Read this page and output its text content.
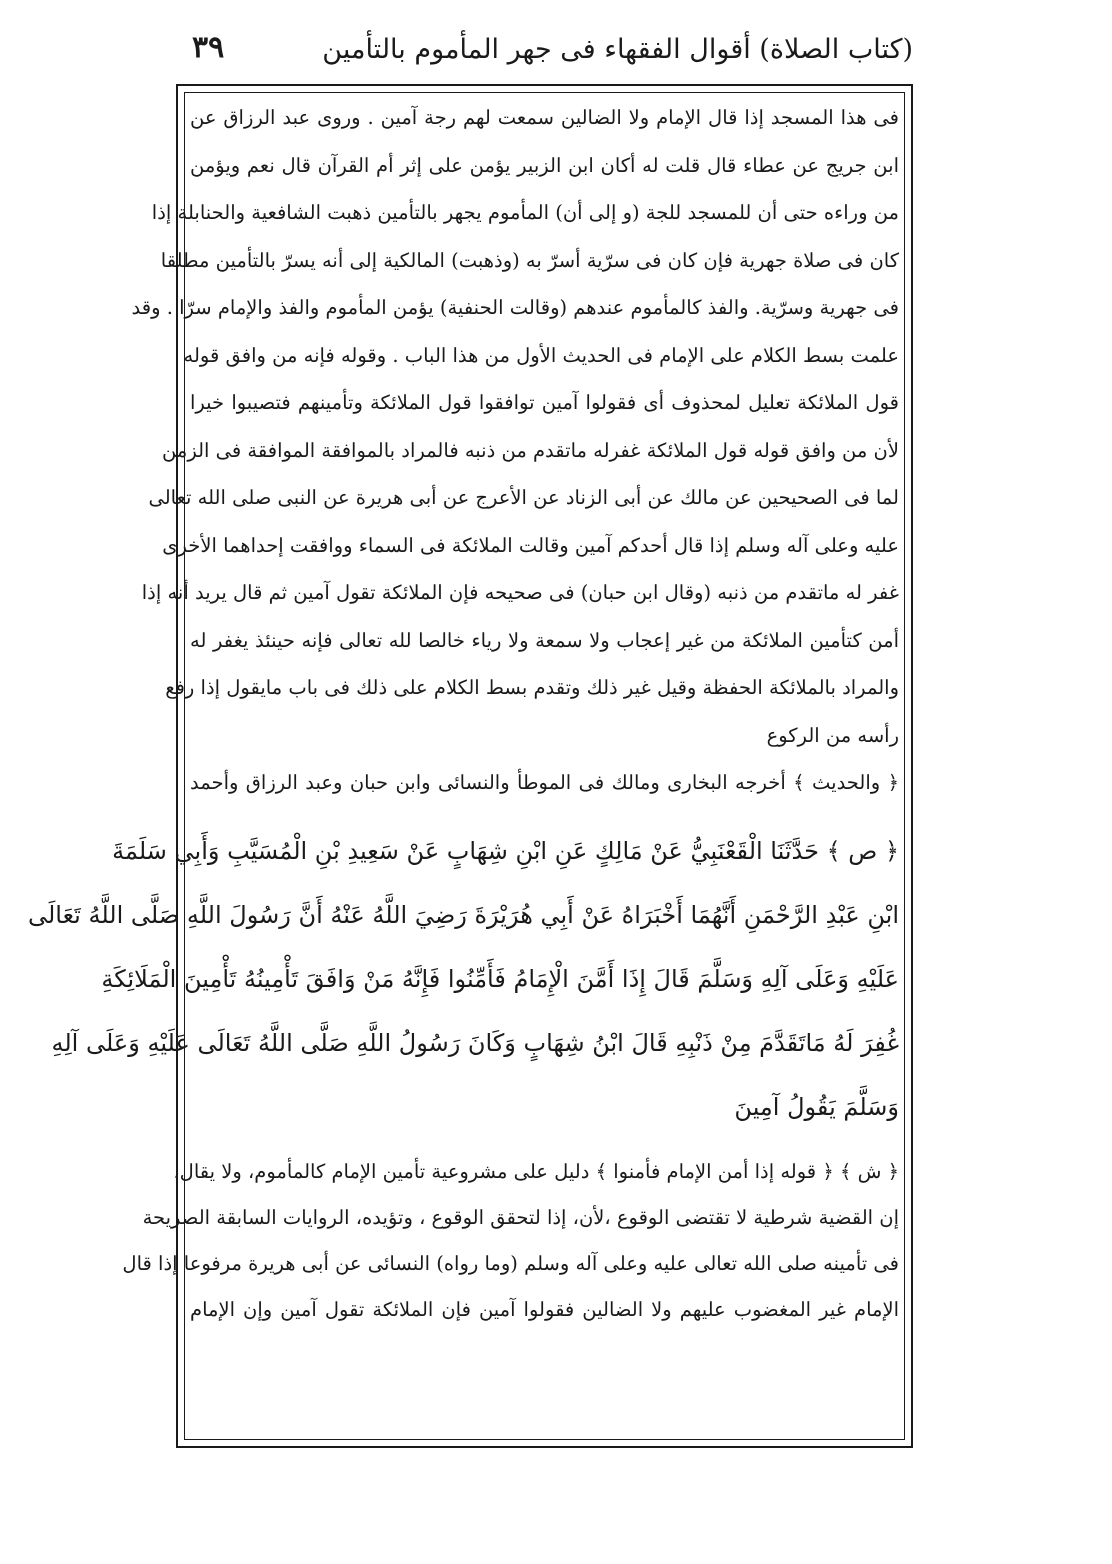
(كتاب الصلاة) أقوال الفقهاء فى جهر المأموم بالتأمين
٣٩
فى هذا المسجد إذا قال الإمام ولا الضالين سمعت لهم رجة آمين . وروى عبد الرزاق عن
ابن جريج عن عطاء قال قلت له أكان ابن الزبير يؤمن على إثر أم القرآن قال نعم ويؤمن
من وراءه حتى أن للمسجد للجة (و إلى أن) المأموم يجهر بالتأمين ذهبت الشافعية والحنابلة إذا
كان فى صلاة جهرية فإن كان فى سرّية أسرّ به (وذهبت) المالكية إلى أنه يسرّ بالتأمين مطلقا
فى جهرية وسرّية. والفذ كالمأموم عندهم (وقالت الحنفية) يؤمن المأموم والفذ والإمام سرّا . وقد
علمت بسط الكلام على الإمام فى الحديث الأول من هذا الباب . وقوله فإنه من وافق قوله
قول الملائكة تعليل لمحذوف أى فقولوا آمين توافقوا قول الملائكة وتأمينهم فتصيبوا خيرا
لأن من وافق قوله قول الملائكة غفرله ماتقدم من ذنبه فالمراد بالموافقة الموافقة فى الزمن
لما فى الصحيحين عن مالك عن أبى الزناد عن الأعرج عن أبى هريرة عن النبى صلى الله تعالى
عليه وعلى آله وسلم إذا قال أحدكم آمين وقالت الملائكة فى السماء ووافقت إحداهما الأخرى
غفر له ماتقدم من ذنبه (وقال ابن حبان) فى صحيحه فإن الملائكة تقول آمين ثم قال يريد أنه إذا
أمن كتأمين الملائكة من غير إعجاب ولا سمعة ولا رياء خالصا لله تعالى فإنه حينئذ يغفر له
والمراد بالملائكة الحفظة وقيل غير ذلك وتقدم بسط الكلام على ذلك فى باب مايقول إذا رفع
رأسه من الركوع
﴿ والحديث ﴾ أخرجه البخارى ومالك فى الموطأ والنسائى وابن حبان وعبد الرزاق وأحمد
﴿ ص ﴾ حَدَّثَنَا الْقَعْنَبِيُّ عَنْ مَالِكٍ عَنِ ابْنِ شِهَابٍ عَنْ سَعِيدِ بْنِ الْمُسَيَّبِ وَأَبِي سَلَمَةَ
ابْنِ عَبْدِ الرَّحْمَنِ أَنَّهُمَا أَخْبَرَاهُ عَنْ أَبِي هُرَيْرَةَ رَضِيَ اللَّهُ عَنْهُ أَنَّ رَسُولَ اللَّهِ صَلَّى اللَّهُ تَعَالَى
عَلَيْهِ وَعَلَى آلِهِ وَسَلَّمَ قَالَ إِذَا أَمَّنَ الْإِمَامُ فَأَمِّنُوا فَإِنَّهُ مَنْ وَافَقَ تَأْمِينُهُ تَأْمِينَ الْمَلَائِكَةِ
غُفِرَ لَهُ مَاتَقَدَّمَ مِنْ ذَنْبِهِ قَالَ ابْنُ شِهَابٍ وَكَانَ رَسُولُ اللَّهِ صَلَّى اللَّهُ تَعَالَى عَلَيْهِ وَعَلَى آلِهِ
وَسَلَّمَ يَقُولُ آمِينَ
﴿ ش ﴾ ﴿ قوله إذا أمن الإمام فأمنوا ﴾ دليل على مشروعية تأمين الإمام كالمأموم، ولا يقال،
إن القضية شرطية لا تقتضى الوقوع ،لأن، إذا لتحقق الوقوع ، وتؤيده، الروايات السابقة الصريحة
فى تأمينه صلى الله تعالى عليه وعلى آله وسلم (وما رواه) النسائى عن أبى هريرة مرفوعا إذا قال
الإمام غير المغضوب عليهم ولا الضالين فقولوا آمين فإن الملائكة تقول آمين وإن الإمام
